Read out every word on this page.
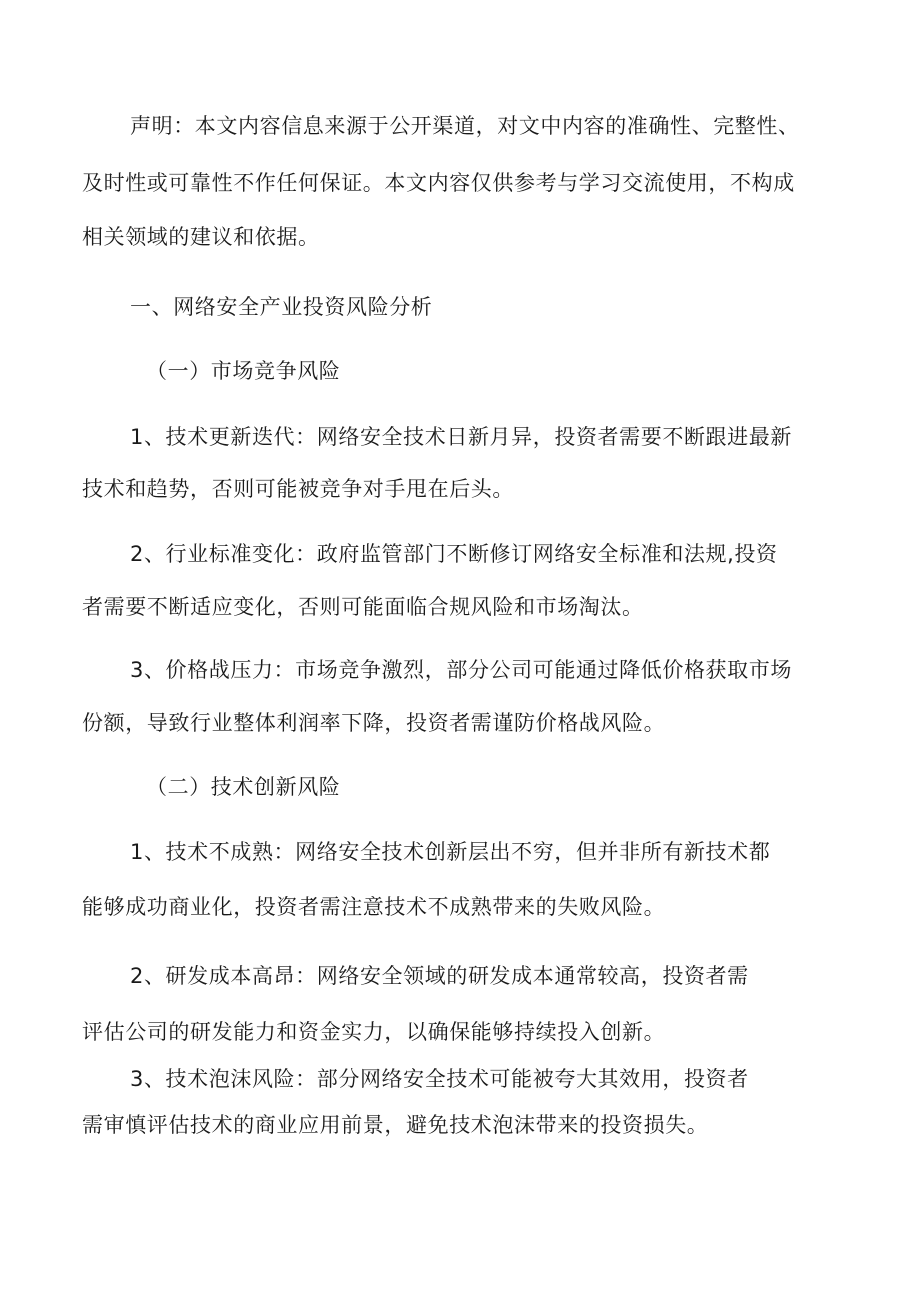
声明：本文内容信息来源于公开渠道，对文中内容的准确性、完整性、
及时性或可靠性不作任何保证。本文内容仅供参考与学习交流使用，不构成
相关领域的建议和依据。
一、网络安全产业投资风险分析
（一）市场竞争风险
1、技术更新迭代：网络安全技术日新月异，投资者需要不断跟进最新
技术和趋势，否则可能被竞争对手甩在后头。
2、行业标准变化：政府监管部门不断修订网络安全标准和法规,投资
者需要不断适应变化，否则可能面临合规风险和市场淘汰。
3、价格战压力：市场竞争激烈，部分公司可能通过降低价格获取市场
份额，导致行业整体利润率下降，投资者需谨防价格战风险。
（二）技术创新风险
1、技术不成熟：网络安全技术创新层出不穷，但并非所有新技术都
能够成功商业化，投资者需注意技术不成熟带来的失败风险。
2、研发成本高昂：网络安全领域的研发成本通常较高，投资者需
评估公司的研发能力和资金实力，以确保能够持续投入创新。
3、技术泡沫风险：部分网络安全技术可能被夸大其效用，投资者
需审慎评估技术的商业应用前景，避免技术泡沫带来的投资损失。
